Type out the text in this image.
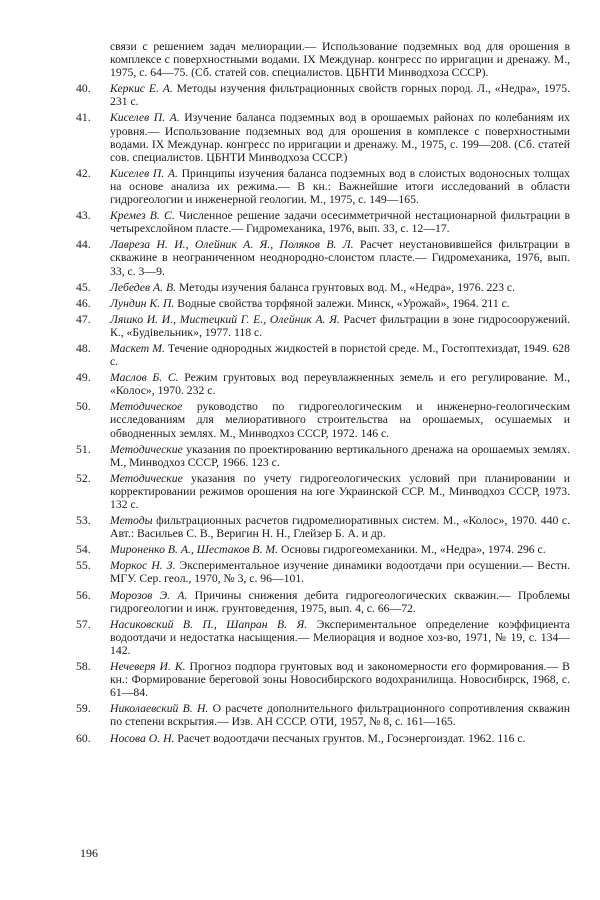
связи с решением задач мелиорации.— Использование подземных вод для орошения в комплексе с поверхностными водами. IX Междунар. конгресс по ирригации и дренажу. М., 1975, с. 64—75. (Сб. статей сов. специалистов. ЦБНТИ Минводхоза СССР).
40. Керкис Е. А. Методы изучения фильтрационных свойств горных пород. Л., «Недра», 1975. 231 с.
41. Киселев П. А. Изучение баланса подземных вод в орошаемых районах по колебаниям их уровня.— Использование подземных вод для орошения в комплексе с поверхностными водами. IX Междунар. конгресс по ирригации и дренажу. М., 1975, с. 199—208. (Сб. статей сов. специалистов. ЦБНТИ Минводхоза СССР.)
42. Киселев П. А. Принципы изучения баланса подземных вод в слоистых водоносных толщах на основе анализа их режима.— В кн.: Важнейшие итоги исследований в области гидрогеологии и инженерной геологии. М., 1975, с. 149—165.
43. Кремез В. С. Численное решение задачи осесимметричной нестационарной фильтрации в четырехслойном пласте.— Гидромеханика, 1976, вып. 33, с. 12—17.
44. Лаврезa Н. И., Олейник А. Я., Поляков В. Л. Расчет неустановившейся фильтрации в скважине в неограниченном неоднородно-слоистом пласте.— Гидромеханика, 1976, вып. 33, с. 3—9.
45. Лебедев А. В. Методы изучения баланса грунтовых вод. М., «Недра», 1976. 223 с.
46. Лундин К. П. Водные свойства торфяной залежи. Минск, «Урожай», 1964. 211 с.
47. Ляшко И. И., Мистецкий Г. Е., Олейник А. Я. Расчет фильтрации в зоне гидросооружений. К., «Будівельник», 1977. 118 с.
48. Маскет М. Течение однородных жидкостей в пористой среде. М., Гостоптехиздат, 1949. 628 с.
49. Маслов Б. С. Режим грунтовых вод переувлажненных земель и его регулирование. М., «Колос», 1970. 232 с.
50. Методическое руководство по гидрогеологическим и инженерно-геологическим исследованиям для мелиоративного строительства на орошаемых, осушаемых и обводненных землях. М., Минводхоз СССР, 1972. 146 с.
51. Методические указания по проектированию вертикального дренажа на орошаемых землях. М., Минводхоз СССР, 1966. 123 с.
52. Методические указания по учету гидрогеологических условий при планировании и корректировании режимов орошения на юге Украинской ССР. М., Минводхоз СССР, 1973. 132 с.
53. Методы фильтрационных расчетов гидромелиоративных систем. М., «Колос», 1970. 440 с. Авт.: Васильев С. В., Веригин Н. Н., Глейзер Б. А. и др.
54. Мироненко В. А., Шестаков В. М. Основы гидрогеомеханики. М., «Недра», 1974. 296 с.
55. Моркос Н. З. Экспериментальное изучение динамики водоотдачи при осушении.— Вестн. МГУ. Сер. геол., 1970, № 3, с. 96—101.
56. Морозов Э. А. Причины снижения дебита гидрогеологических скважин.— Проблемы гидрогеологии и инж. грунтоведения, 1975, вып. 4, с. 66—72.
57. Насиковский В. П., Шапран В. Я. Экспериментальное определение коэффициента водоотдачи и недостатка насыщения.— Мелиорация и водное хоз-во, 1971, № 19, с. 134—142.
58. Нечеверя И. К. Прогноз подпора грунтовых вод и закономерности его формирования.— В кн.: Формирование береговой зоны Новосибирского водохранилища. Новосибирск, 1968, с. 61—84.
59. Николаевский В. Н. О расчете дополнительного фильтрационного сопротивления скважин по степени вскрытия.— Изв. АН СССР. ОТИ, 1957, № 8, с. 161—165.
60. Носова О. Н. Расчет водоотдачи песчаных грунтов. М., Госэнергоиздат. 1962. 116 с.
196
